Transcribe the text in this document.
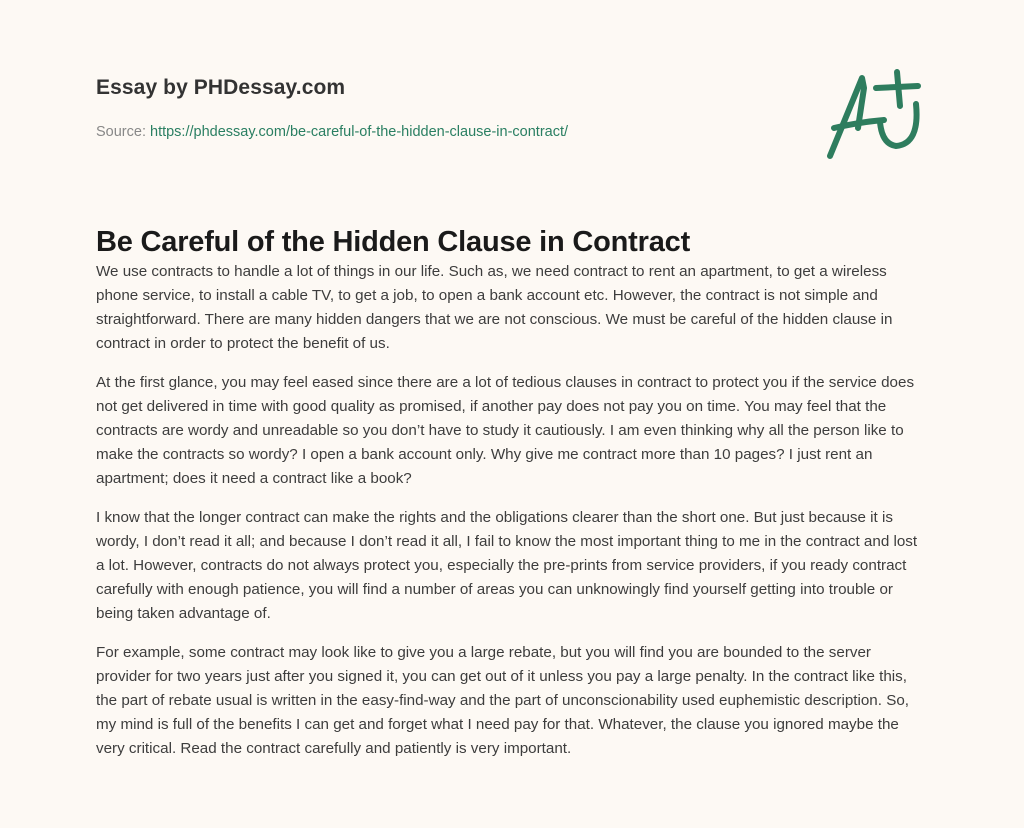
Essay by PHDessay.com
Source: https://phdessay.com/be-careful-of-the-hidden-clause-in-contract/
Be Careful of the Hidden Clause in Contract

We use contracts to handle a lot of things in our life. Such as, we need contract to rent an apartment, to get a wireless phone service, to install a cable TV, to get a job, to open a bank account etc. However, the contract is not simple and straightforward. There are many hidden dangers that we are not conscious. We must be careful of the hidden clause in contract in order to protect the benefit of us.

At the first glance, you may feel eased since there are a lot of tedious clauses in contract to protect you if the service does not get delivered in time with good quality as promised, if another pay does not pay you on time. You may feel that the contracts are wordy and unreadable so you don’t have to study it cautiously. I am even thinking why all the person like to make the contracts so wordy? I open a bank account only. Why give me contract more than 10 pages? I just rent an apartment; does it need a contract like a book?

I know that the longer contract can make the rights and the obligations clearer than the short one. But just because it is wordy, I don’t read it all; and because I don’t read it all, I fail to know the most important thing to me in the contract and lost a lot. However, contracts do not always protect you, especially the pre-prints from service providers, if you ready contract carefully with enough patience, you will find a number of areas you can unknowingly find yourself getting into trouble or being taken advantage of.

For example, some contract may look like to give you a large rebate, but you will find you are bounded to the server provider for two years just after you signed it, you can get out of it unless you pay a large penalty. In the contract like this, the part of rebate usual is written in the easy-find-way and the part of unconscionability used euphemistic description. So, my mind is full of the benefits I can get and forget what I need pay for that. Whatever, the clause you ignored maybe the very critical. Read the contract carefully and patiently is very important.
